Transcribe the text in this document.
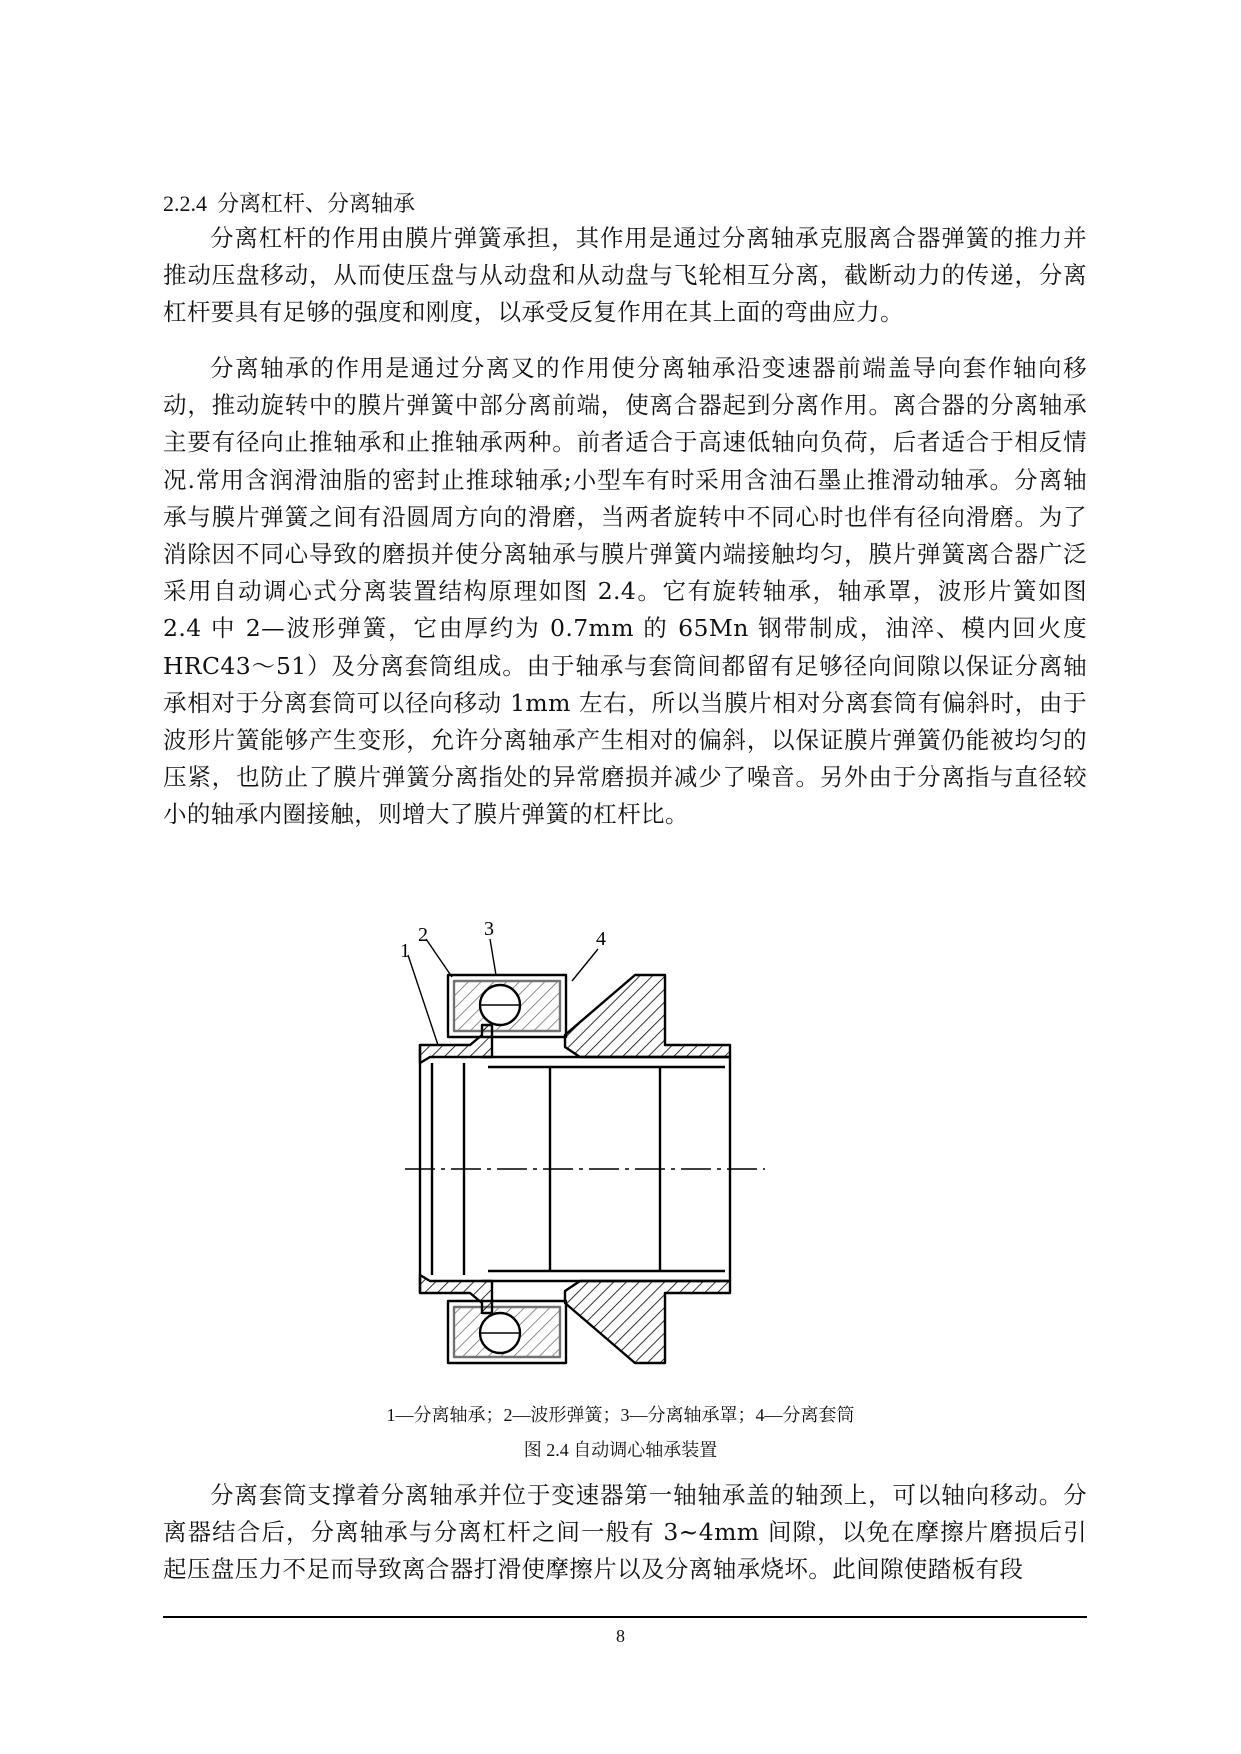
2.2.4 分离杠杆、分离轴承

分离杠杆的作用由膜片弹簧承担，其作用是通过分离轴承克服离合器弹簧的推力并推动压盘移动，从而使压盘与从动盘和从动盘与飞轮相互分离，截断动力的传递，分离杠杆要具有足够的强度和刚度，以承受反复作用在其上面的弯曲应力。

分离轴承的作用是通过分离叉的作用使分离轴承沿变速器前端盖导向套作轴向移动，推动旋转中的膜片弹簧中部分离前端，使离合器起到分离作用。离合器的分离轴承主要有径向止推轴承和止推轴承两种。前者适合于高速低轴向负荷，后者适合于相反情况.常用含润滑油脂的密封止推球轴承;小型车有时采用含油石墨止推滑动轴承。分离轴承与膜片弹簧之间有沿圆周方向的滑磨，当两者旋转中不同心时也伴有径向滑磨。为了消除因不同心导致的磨损并使分离轴承与膜片弹簧内端接触均匀，膜片弹簧离合器广泛采用自动调心式分离装置结构原理如图 2.4。它有旋转轴承，轴承罩，波形片簧如图 2.4 中 2—波形弹簧，它由厚约为 0.7mm 的 65Mn 钢带制成，油淬、模内回火度 HRC43～51）及分离套筒组成。由于轴承与套筒间都留有足够径向间隙以保证分离轴承相对于分离套筒可以径向移动 1mm 左右，所以当膜片相对分离套筒有偏斜时，由于波形片簧能够产生变形，允许分离轴承产生相对的偏斜，以保证膜片弹簧仍能被均匀的压紧，也防止了膜片弹簧分离指处的异常磨损并减少了噪音。另外由于分离指与直径较小的轴承内圈接触，则增大了膜片弹簧的杠杆比。

1
2	3	4
1—分离轴承；2—波形弹簧；3—分离轴承罩；4—分离套筒
图 2.4 自动调心轴承装置

分离套筒支撑着分离轴承并位于变速器第一轴轴承盖的轴颈上，可以轴向移动。分离器结合后，分离轴承与分离杠杆之间一般有 3~4mm 间隙，以免在摩擦片磨损后引起压盘压力不足而导致离合器打滑使摩擦片以及分离轴承烧坏。此间隙使踏板有段

8
